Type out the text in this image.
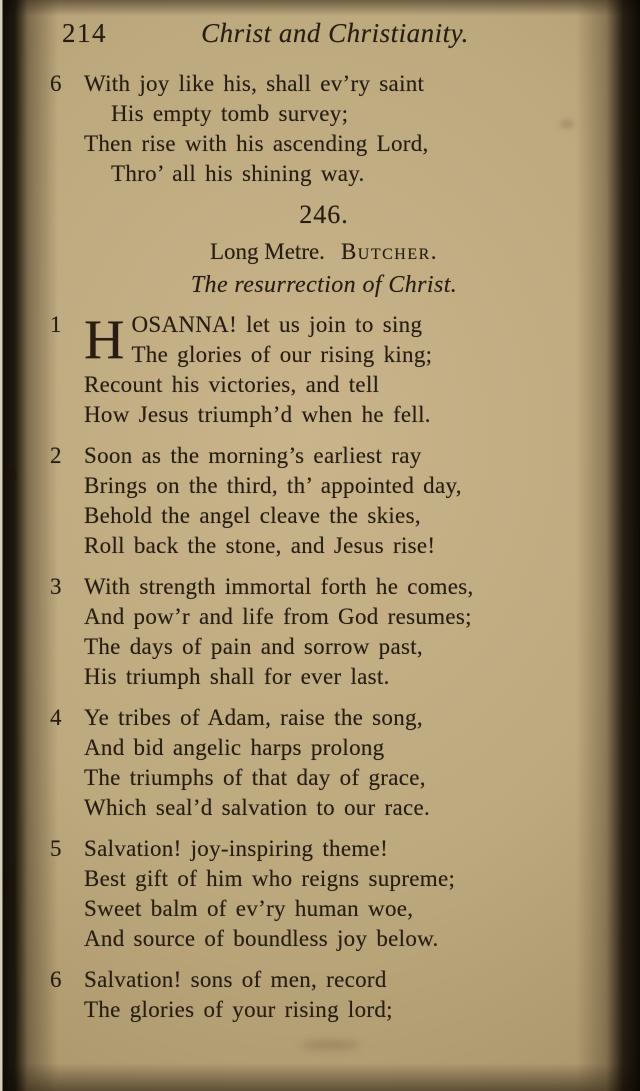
214	Christ and Christianity.
6 With joy like his, shall ev’ry saint
His empty tomb survey;
Then rise with his ascending Lord,
Thro’ all his shining way.
246.
Long Metre. Butcher.
The resurrection of Christ.
1 H OSANNA! let us join to sing
The glories of our rising king;
Recount his victories, and tell
How Jesus triumph’d when he fell.
2 Soon as the morning’s earliest ray
Brings on the third, th’ appointed day,
Behold the angel cleave the skies,
Roll back the stone, and Jesus rise!
3 With strength immortal forth he comes,
And pow’r and life from God resumes;
The days of pain and sorrow past,
His triumph shall for ever last.
4 Ye tribes of Adam, raise the song,
And bid angelic harps prolong
The triumphs of that day of grace,
Which seal’d salvation to our race.
5 Salvation! joy-inspiring theme!
Best gift of him who reigns supreme;
Sweet balm of ev’ry human woe,
And source of boundless joy below.
6 Salvation! sons of men, record
The glories of your rising lord;
